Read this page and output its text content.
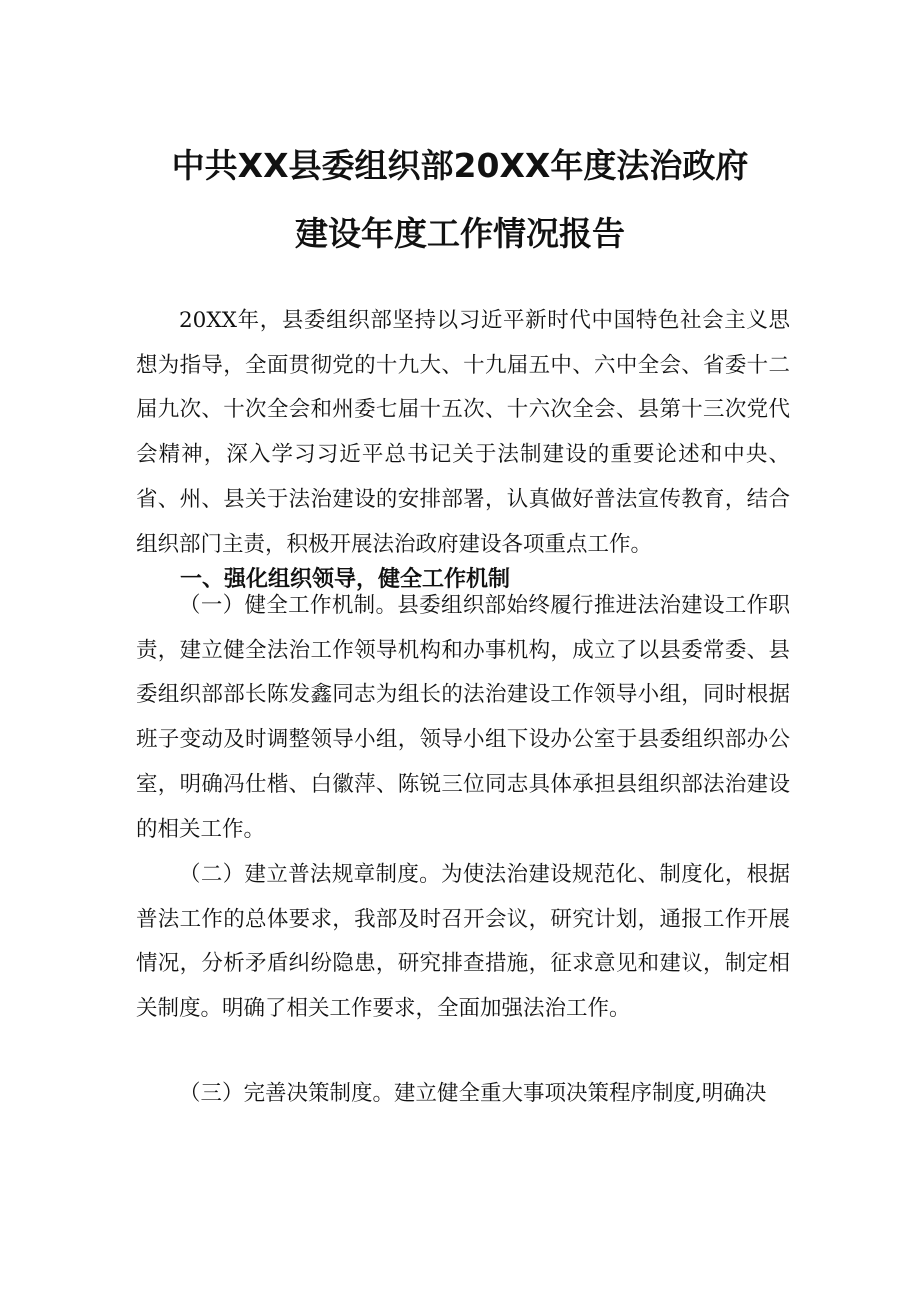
中共XX县委组织部20XX年度法治政府
建设年度工作情况报告

20XX年，县委组织部坚持以习近平新时代中国特色社会主义思想为指导，全面贯彻党的十九大、十九届五中、六中全会、省委十二届九次、十次全会和州委七届十五次、十六次全会、县第十三次党代会精神，深入学习习近平总书记关于法制建设的重要论述和中央、省、州、县关于法治建设的安排部署，认真做好普法宣传教育，结合组织部门主责，积极开展法治政府建设各项重点工作。

一、强化组织领导，健全工作机制

（一）健全工作机制。县委组织部始终履行推进法治建设工作职责，建立健全法治工作领导机构和办事机构，成立了以县委常委、县委组织部部长陈发鑫同志为组长的法治建设工作领导小组，同时根据班子变动及时调整领导小组，领导小组下设办公室于县委组织部办公室，明确冯仕楷、白徽萍、陈锐三位同志具体承担县组织部法治建设的相关工作。

（二）建立普法规章制度。为使法治建设规范化、制度化，根据普法工作的总体要求，我部及时召开会议，研究计划，通报工作开展情况，分析矛盾纠纷隐患，研究排查措施，征求意见和建议，制定相关制度。明确了相关工作要求，全面加强法治工作。

（三）完善决策制度。建立健全重大事项决策程序制度,明确决
